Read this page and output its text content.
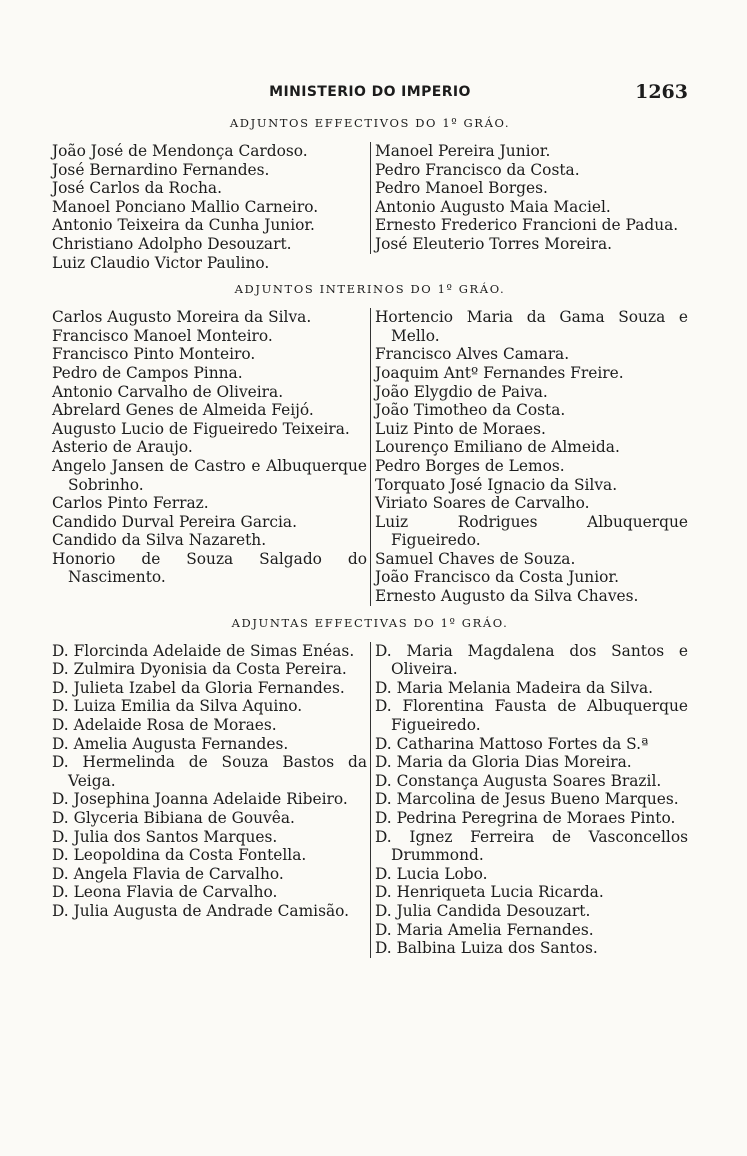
MINISTERIO DO IMPERIO	1263
ADJUNTOS EFFECTIVOS DO 1º GRÁO.
João José de Mendonça Cardoso.
José Bernardino Fernandes.
José Carlos da Rocha.
Manoel Ponciano Mallio Carneiro.
Antonio Teixeira da Cunha Junior.
Christiano Adolpho Desouzart.
Luiz Claudio Victor Paulino.
Manoel Pereira Junior.
Pedro Francisco da Costa.
Pedro Manoel Borges.
Antonio Augusto Maia Maciel.
Ernesto Frederico Francioni de Padua.
José Eleuterio Torres Moreira.
ADJUNTOS INTERINOS DO 1º GRÁO.
Carlos Augusto Moreira da Silva.
Francisco Manoel Monteiro.
Francisco Pinto Monteiro.
Pedro de Campos Pinna.
Antonio Carvalho de Oliveira.
Abrelard Genes de Almeida Feijó.
Augusto Lucio de Figueiredo Teixeira.
Asterio de Araujo.
Angelo Jansen de Castro e Albuquerque Sobrinho.
Carlos Pinto Ferraz.
Candido Durval Pereira Garcia.
Candido da Silva Nazareth.
Honorio de Souza Salgado do Nascimento.
Hortencio Maria da Gama Souza e Mello.
Francisco Alves Camara.
Joaquim Antº Fernandes Freire.
João Elygdio de Paiva.
João Timotheo da Costa.
Luiz Pinto de Moraes.
Lourenço Emiliano de Almeida.
Pedro Borges de Lemos.
Torquato José Ignacio da Silva.
Viriato Soares de Carvalho.
Luiz Rodrigues Albuquerque Figueiredo.
Samuel Chaves de Souza.
João Francisco da Costa Junior.
Ernesto Augusto da Silva Chaves.
ADJUNTAS EFFECTIVAS DO 1º GRÁO.
D. Florcinda Adelaide de Simas Enéas.
D. Zulmira Dyonisia da Costa Pereira.
D. Julieta Izabel da Gloria Fernandes.
D. Luiza Emilia da Silva Aquino.
D. Adelaide Rosa de Moraes.
D. Amelia Augusta Fernandes.
D. Hermelinda de Souza Bastos da Veiga.
D. Josephina Joanna Adelaide Ribeiro.
D. Glyceria Bibiana de Gouvêa.
D. Julia dos Santos Marques.
D. Leopoldina da Costa Fontella.
D. Angela Flavia de Carvalho.
D. Leona Flavia de Carvalho.
D. Julia Augusta de Andrade Camisão.
D. Maria Magdalena dos Santos e Oliveira.
D. Maria Melania Madeira da Silva.
D. Florentina Fausta de Albuquerque Figueiredo.
D. Catharina Mattoso Fortes da S.ª
D. Maria da Gloria Dias Moreira.
D. Constança Augusta Soares Brazil.
D. Marcolina de Jesus Bueno Marques.
D. Pedrina Peregrina de Moraes Pinto.
D. Ignez Ferreira de Vasconcellos Drummond.
D. Lucia Lobo.
D. Henriqueta Lucia Ricarda.
D. Julia Candida Desouzart.
D. Maria Amelia Fernandes.
D. Balbina Luiza dos Santos.
